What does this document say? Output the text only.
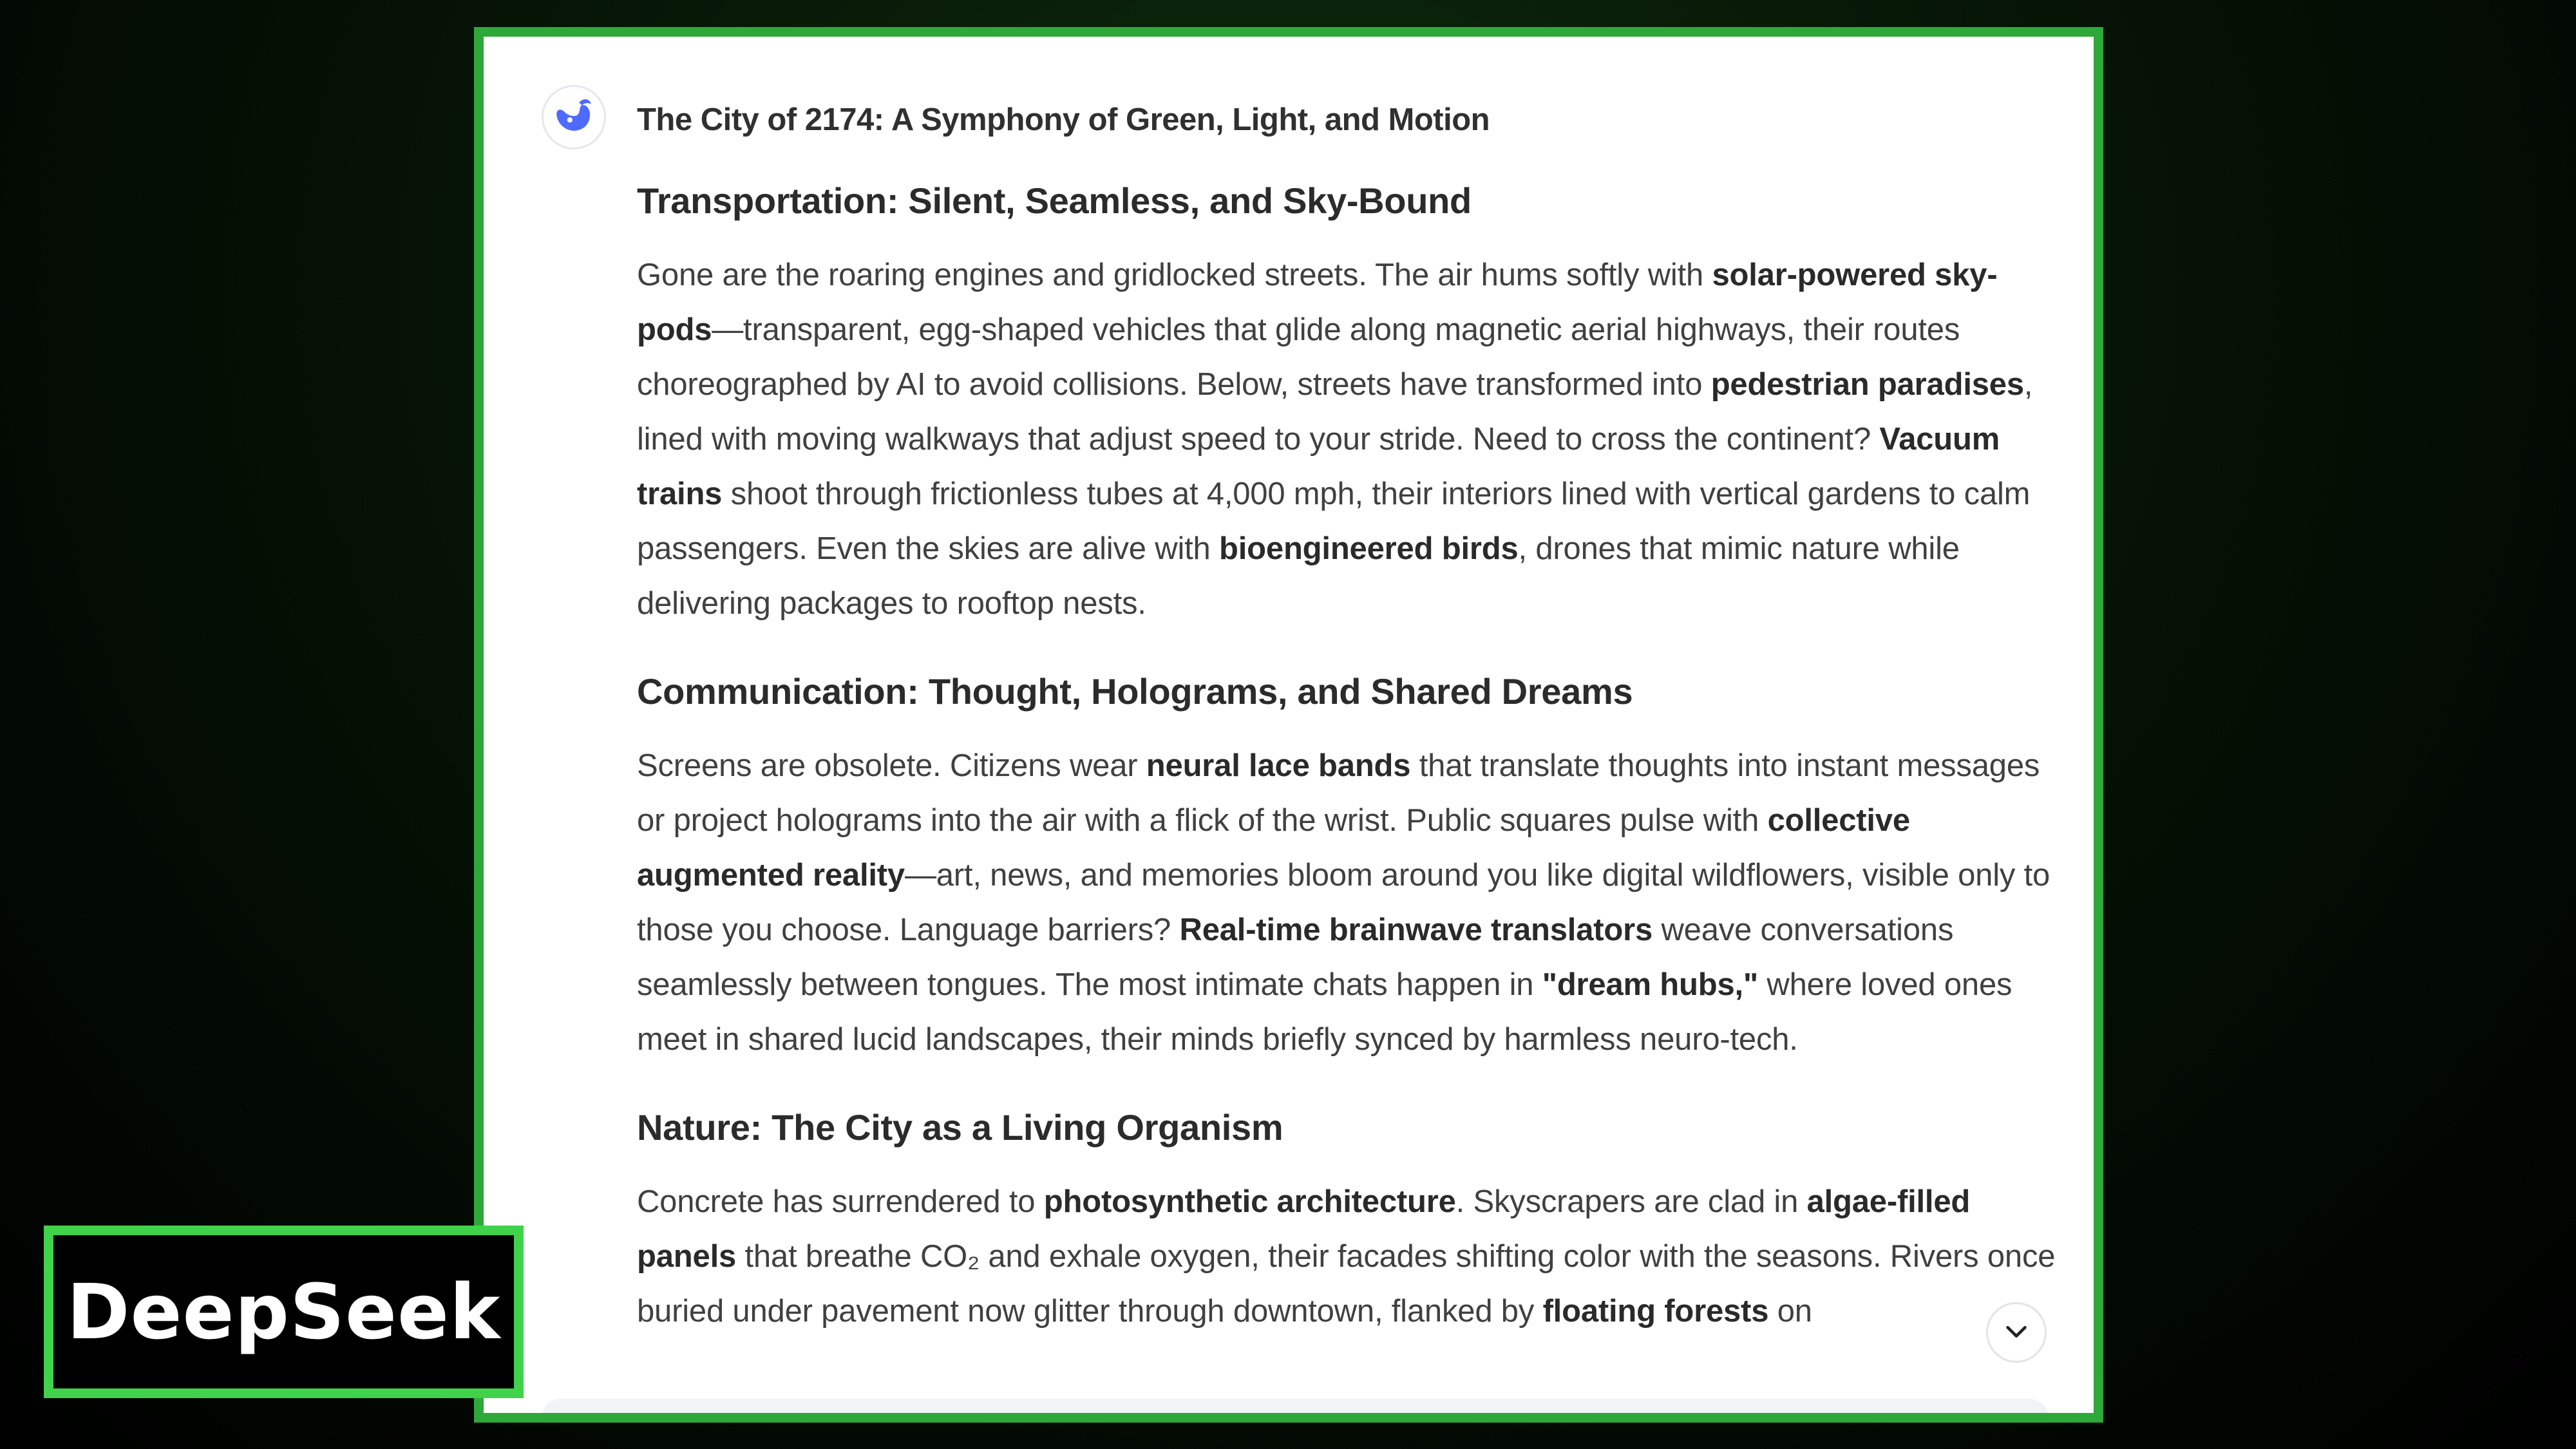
The City of 2174: A Symphony of Green, Light, and Motion
Transportation: Silent, Seamless, and Sky-Bound
Gone are the roaring engines and gridlocked streets. The air hums softly with solar-powered sky-pods—transparent, egg-shaped vehicles that glide along magnetic aerial highways, their routes choreographed by AI to avoid collisions. Below, streets have transformed into pedestrian paradises, lined with moving walkways that adjust speed to your stride. Need to cross the continent? Vacuum trains shoot through frictionless tubes at 4,000 mph, their interiors lined with vertical gardens to calm passengers. Even the skies are alive with bioengineered birds, drones that mimic nature while delivering packages to rooftop nests.
Communication: Thought, Holograms, and Shared Dreams
Screens are obsolete. Citizens wear neural lace bands that translate thoughts into instant messages or project holograms into the air with a flick of the wrist. Public squares pulse with collective augmented reality—art, news, and memories bloom around you like digital wildflowers, visible only to those you choose. Language barriers? Real-time brainwave translators weave conversations seamlessly between tongues. The most intimate chats happen in "dream hubs," where loved ones meet in shared lucid landscapes, their minds briefly synced by harmless neuro-tech.
Nature: The City as a Living Organism
Concrete has surrendered to photosynthetic architecture. Skyscrapers are clad in algae-filled panels that breathe CO₂ and exhale oxygen, their facades shifting color with the seasons. Rivers once buried under pavement now glitter through downtown, flanked by floating forests on
DeepSeek
